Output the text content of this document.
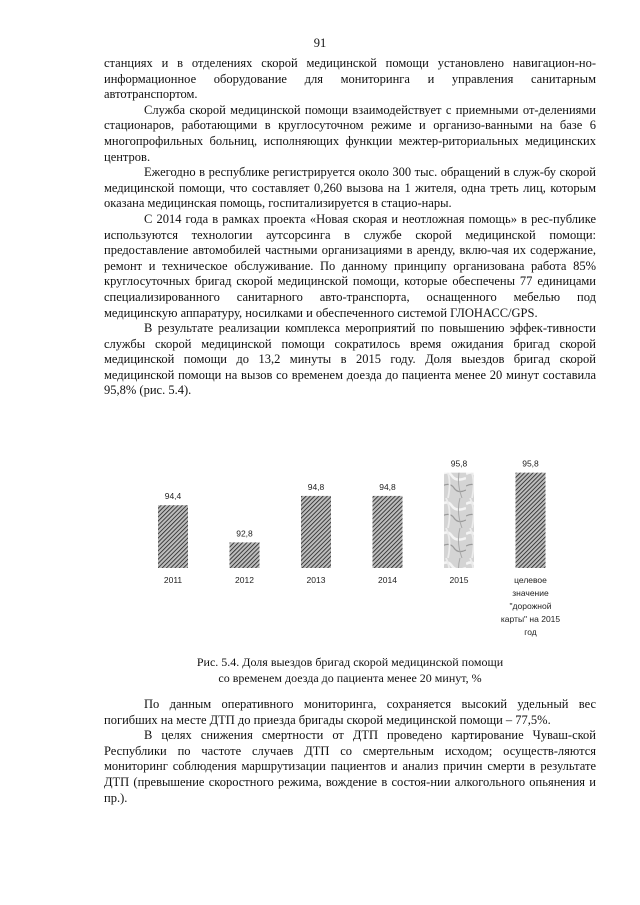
91

станциях и в отделениях скорой медицинской помощи установлено навигацион-но-информационное оборудование для мониторинга и управления санитарным автотранспортом.

Служба скорой медицинской помощи взаимодействует с приемными от-делениями стационаров, работающими в круглосуточном режиме и организо-ванными на базе 6 многопрофильных больниц, исполняющих функции межтер-риториальных медицинских центров.

Ежегодно в республике регистрируется около 300 тыс. обращений в служ-бу скорой медицинской помощи, что составляет 0,260 вызова на 1 жителя, одна треть лиц, которым оказана медицинская помощь, госпитализируется в стацио-нары.

С 2014 года в рамках проекта «Новая скорая и неотложная помощь» в рес-публике используются технологии аутсорсинга в службе скорой медицинской помощи: предоставление автомобилей частными организациями в аренду, вклю-чая их содержание, ремонт и техническое обслуживание. По данному принципу организована работа 85% круглосуточных бригад скорой медицинской помощи, которые обеспечены 77 единицами специализированного санитарного авто-транспорта, оснащенного мебелью под медицинскую аппаратуру, носилками и обеспеченного системой ГЛОНАСС/GPS.

В результате реализации комплекса мероприятий по повышению эффек-тивности службы скорой медицинской помощи сократилось время ожидания бригад скорой медицинской помощи до 13,2 минуты в 2015 году. Доля выездов бригад скорой медицинской помощи на вызов со временем доезда до пациента менее 20 минут составила 95,8% (рис. 5.4).

94,4
2011
92,8
2012
94,8
2013
94,8
2014
95,8
2015
95,8
целевое значение "дорожной карты" на 2015 год
Рис. 5.4. Доля выездов бригад скорой медицинской помощи
со временем доезда до пациента менее 20 минут, %

По данным оперативного мониторинга, сохраняется высокий удельный вес погибших на месте ДТП до приезда бригады скорой медицинской помощи – 77,5%.

В целях снижения смертности от ДТП проведено картирование Чуваш-ской Республики по частоте случаев ДТП со смертельным исходом; осуществ-ляются мониторинг соблюдения маршрутизации пациентов и анализ причин смерти в результате ДТП (превышение скоростного режима, вождение в состоя-нии алкогольного опьянения и пр.).
